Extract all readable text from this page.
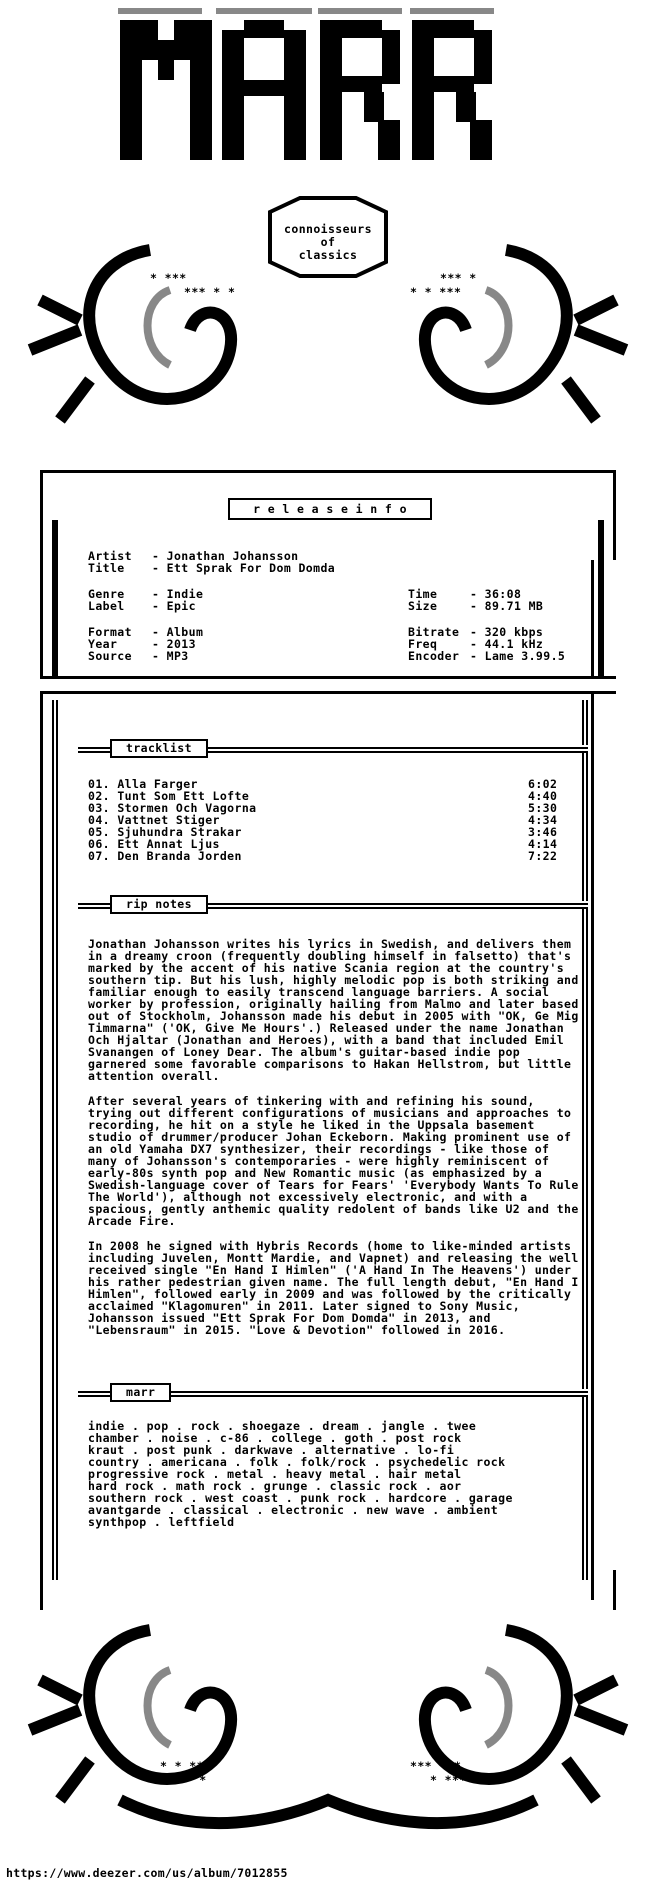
connoisseurs
of
classics
* ***
*** * *
*** *
* * ***
r e l e a s e i n f o
Artist - Jonathan Johansson
Title - Ett Sprak For Dom Domda
Genre - Indie
Label - Epic
Time	- 36:08
Size	- 89.71 MB
Format - Album
Year	- 2013
Source - MP3
Bitrate - 320 kbps
Freq	- 44.1 kHz
Encoder - Lame 3.99.5
tracklist
01. Alla Farger	6:02
02. Tunt Som Ett Lofte	4:40
03. Stormen Och Vagorna	5:30
04. Vattnet Stiger	4:34
05. Sjuhundra Strakar	3:46
06. Ett Annat Ljus	4:14
07. Den Branda Jorden	7:22
rip notes

Jonathan Johansson writes his lyrics in Swedish, and delivers them in a dreamy croon (frequently doubling himself in falsetto) that's marked by the accent of his native Scania region at the country's southern tip. But his lush, highly melodic pop is both striking and familiar enough to easily transcend language barriers. A social worker by profession, originally hailing from Malmo and later based out of Stockholm, Johansson made his debut in 2005 with "OK, Ge Mig Timmarna" ('OK, Give Me Hours'.) Released under the name Jonathan Och Hjaltar (Jonathan and Heroes), with a band that included Emil Svanangen of Loney Dear. The album's guitar-based indie pop garnered some favorable comparisons to Hakan Hellstrom, but little attention overall.

After several years of tinkering with and refining his sound, trying out different configurations of musicians and approaches to recording, he hit on a style he liked in the Uppsala basement studio of drummer/producer Johan Eckeborn. Making prominent use of an old Yamaha DX7 synthesizer, their recordings - like those of many of Johansson's contemporaries - were highly reminiscent of early-80s synth pop and New Romantic music (as emphasized by a Swedish-language cover of Tears for Fears' 'Everybody Wants To Rule The World'), although not excessively electronic, and with a spacious, gently anthemic quality redolent of bands like U2 and the Arcade Fire.

In 2008 he signed with Hybris Records (home to like-minded artists including Juvelen, Montt Mardie, and Vapnet) and releasing the well received single "En Hand I Himlen" ('A Hand In The Heavens') under his rather pedestrian given name. The full length debut, "En Hand I Himlen", followed early in 2009 and was followed by the critically acclaimed "Klagomuren" in 2011. Later signed to Sony Music, Johansson issued "Ett Sprak For Dom Domda" in 2013, and "Lebensraum" in 2015. "Love & Devotion" followed in 2016.

marr
indie . pop . rock . shoegaze . dream . jangle . twee
chamber . noise . c-86 . college . goth . post rock
kraut . post punk . darkwave . alternative . lo-fi
country . americana . folk . folk/rock . psychedelic rock
progressive rock . metal . heavy metal . hair metal
hard rock . math rock . grunge . classic rock . aor
southern rock . west coast . punk rock . hardcore . garage
avantgarde . classical . electronic . new wave . ambient
synthpop . leftfield
* * ***
*** *
*** * *
* ***
https://www.deezer.com/us/album/7012855
